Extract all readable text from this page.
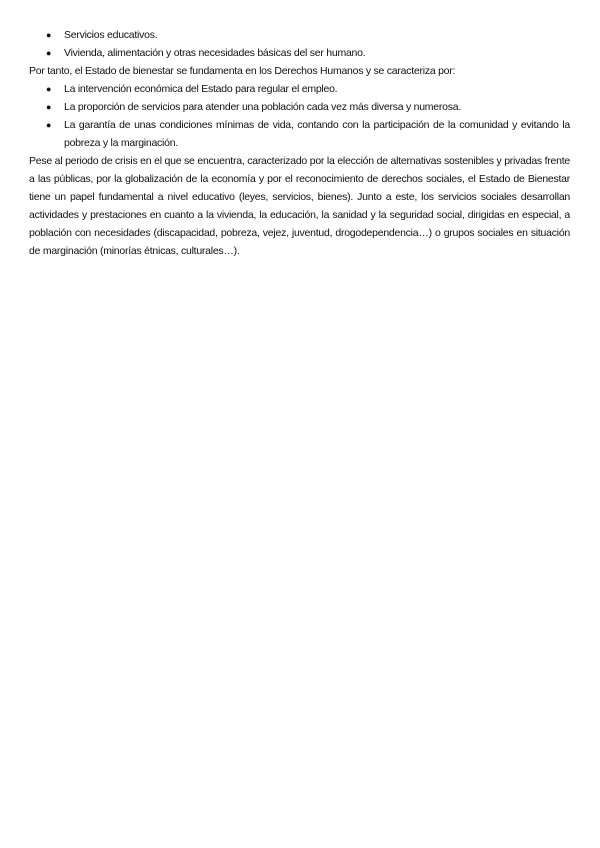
● Servicios educativos.
● Vivienda, alimentación y otras necesidades básicas del ser humano.

Por tanto, el Estado de bienestar se fundamenta en los Derechos Humanos y se caracteriza por:

● La intervención económica del Estado para regular el empleo.
● La proporción de servicios para atender una población cada vez más diversa y numerosa.
● La garantía de unas condiciones mínimas de vida, contando con la participación de la comunidad y evitando la pobreza y la marginación.

Pese al periodo de crisis en el que se encuentra, caracterizado por la elección de alternativas sostenibles y privadas frente a las públicas, por la globalización de la economía y por el reconocimiento de derechos sociales, el Estado de Bienestar tiene un papel fundamental a nivel educativo (leyes, servicios, bienes). Junto a este, los servicios sociales desarrollan actividades y prestaciones en cuanto a la vivienda, la educación, la sanidad y la seguridad social, dirigidas en especial, a población con necesidades (discapacidad, pobreza, vejez, juventud, drogodependencia…) o grupos sociales en situación de marginación (minorías étnicas, culturales…).
